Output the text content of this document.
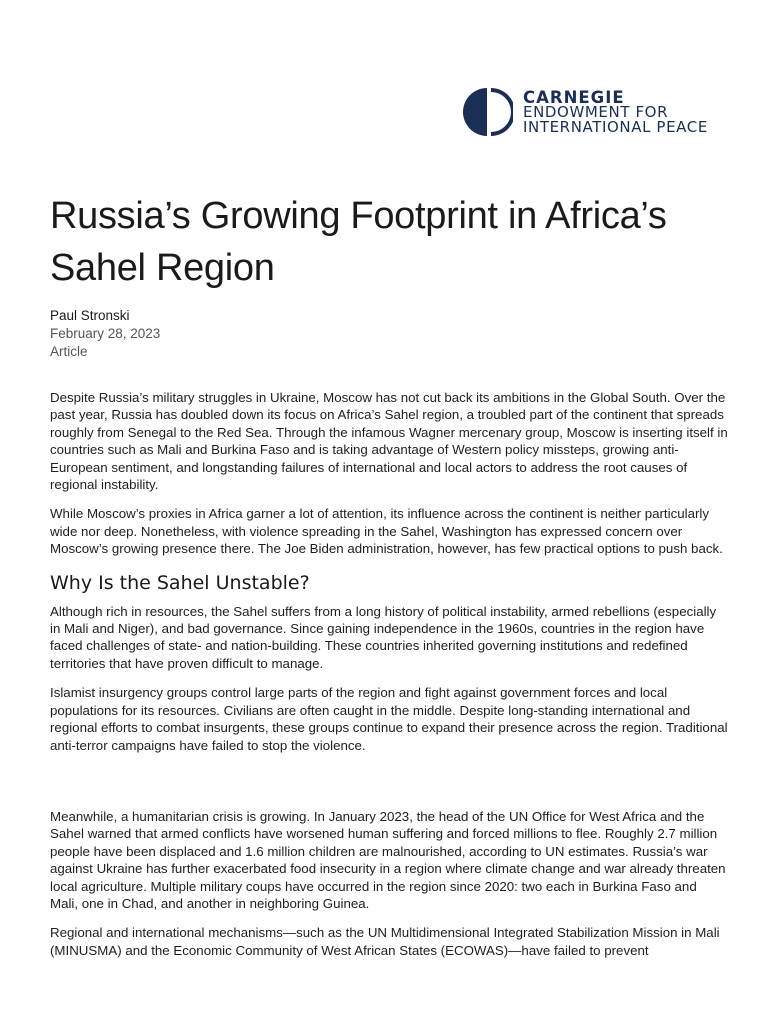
CARNEGIE
ENDOWMENT FOR
INTERNATIONAL PEACE
Russia’s Growing Footprint in Africa’s Sahel Region
Paul Stronski
February 28, 2023
Article

Despite Russia’s military struggles in Ukraine, Moscow has not cut back its ambitions in the Global South. Over the past year, Russia has doubled down its focus on Africa’s Sahel region, a troubled part of the continent that spreads roughly from Senegal to the Red Sea. Through the infamous Wagner mercenary group, Moscow is inserting itself in countries such as Mali and Burkina Faso and is taking advantage of Western policy missteps, growing anti-European sentiment, and longstanding failures of international and local actors to address the root causes of regional instability.

While Moscow’s proxies in Africa garner a lot of attention, its influence across the continent is neither particularly wide nor deep. Nonetheless, with violence spreading in the Sahel, Washington has expressed concern over Moscow’s growing presence there. The Joe Biden administration, however, has few practical options to push back.

Why Is the Sahel Unstable?

Although rich in resources, the Sahel suffers from a long history of political instability, armed rebellions (especially in Mali and Niger), and bad governance. Since gaining independence in the 1960s, countries in the region have faced challenges of state- and nation-building. These countries inherited governing institutions and redefined territories that have proven difficult to manage.

Islamist insurgency groups control large parts of the region and fight against government forces and local populations for its resources. Civilians are often caught in the middle. Despite long-standing international and regional efforts to combat insurgents, these groups continue to expand their presence across the region. Traditional anti-terror campaigns have failed to stop the violence.

Meanwhile, a humanitarian crisis is growing. In January 2023, the head of the UN Office for West Africa and the Sahel warned that armed conflicts have worsened human suffering and forced millions to flee. Roughly 2.7 million people have been displaced and 1.6 million children are malnourished, according to UN estimates. Russia’s war against Ukraine has further exacerbated food insecurity in a region where climate change and war already threaten local agriculture. Multiple military coups have occurred in the region since 2020: two each in Burkina Faso and Mali, one in Chad, and another in neighboring Guinea.

Regional and international mechanisms—such as the UN Multidimensional Integrated Stabilization Mission in Mali (MINUSMA) and the Economic Community of West African States (ECOWAS)—have failed to prevent
